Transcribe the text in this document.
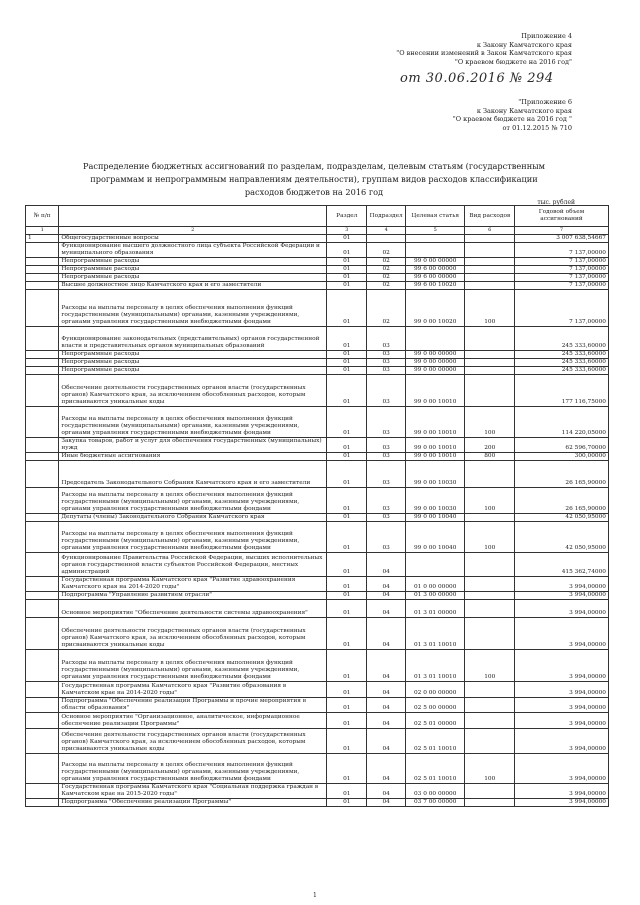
Приложение 4
к Закону Камчатского края
"О внесении изменений в Закон Камчатского края
"О краевом бюджете на 2016 год"
от 30.06.2016 № 294
"Приложение 6
к Закону Камчатского края
"О краевом бюджете на 2016 год "
от 01.12.2015 № 710
Распределение бюджетных ассигнований по разделам, подразделам, целевым статьям (государственным программам и непрограммным направлениям деятельности), группам видов расходов классификации расходов бюджетов на 2016 год
тыс. рублей
№ п/п		Раздел	Подраздел	Целевая статья	Вид расходов	Годовой объем ассигнований
1	2	3	4	5	6	7
1	Общегосударственные вопросы	01				3 007 638,54667
	Функционирование высшего должностного лица субъекта Российской Федерации и муниципального образования	01	02			7 137,00000
	Непрограммные расходы	01	02	99 0 00 00000		7 137,00000
	Непрограммные расходы	01	02	99 6 00 00000		7 137,00000
	Непрограммные расходы	01	02	99 6 00 00000		7 137,00000
	Высшее должностное лицо Камчатского края и его заместители	01	02	99 6 00 10020		7 137,00000
	Расходы на выплаты персоналу в целях обеспечения выполнения функций государственными (муниципальными) органами, казенными учреждениями, органами управления государственными внебюджетными фондами	01	02	99 0 00 10020	100	7 137,00000
	Функционирование законодательных (представительных) органов государственной власти и представительных органов муниципальных образований	01	03			245 333,60000
	Непрограммные расходы	01	03	99 0 00 00000		245 333,60000
	Непрограммные расходы	01	03	99 0 00 00000		245 333,60000
	Непрограммные расходы	01	03	99 0 00 00000		245 333,60000
	Обеспечение деятельности государственных органов власти (государственных органов) Камчатского края, за исключением обособленных расходов, которым присваиваются уникальные коды	01	03	99 0 00 10010		177 116,75000
	Расходы на выплаты персоналу в целях обеспечения выполнения функций государственными (муниципальными) органами, казенными учреждениями, органами управления государственными внебюджетными фондами	01	03	99 0 00 10010	100	114 220,05000
	Закупка товаров, работ и услуг для обеспечения государственных (муниципальных) нужд	01	03	99 0 00 10010	200	62 596,70000
	Иные бюджетные ассигнования	01	03	99 0 00 10010	800	300,00000
	Председатель Законодательного Собрания Камчатского края и его заместители	01	03	99 0 00 10030		26 165,90000
	Расходы на выплаты персоналу в целях обеспечения выполнения функций государственными (муниципальными) органами, казенными учреждениями, органами управления государственными внебюджетными фондами	01	03	99 0 00 10030	100	26 165,90000
	Депутаты (члены) Законодательного Собрания Камчатского края	01	03	99 0 00 10040		42 050,95000
	Расходы на выплаты персоналу в целях обеспечения выполнения функций государственными (муниципальными) органами, казенными учреждениями, органами управления государственными внебюджетными фондами	01	03	99 0 00 10040	100	42 050,95000
	Функционирование Правительства Российской Федерации, высших исполнительных органов государственной власти субъектов Российской Федерации, местных администраций	01	04			415 362,74000
	Государственная программа Камчатского края "Развитие здравоохранения Камчатского края на 2014-2020 годы"	01	04	01 0 00 00000		3 994,00000
	Подпрограмма "Управление развитием отрасли"	01	04	01 3 00 00000		3 994,00000
	Основное мероприятие "Обеспечение деятельности системы здравоохранения"	01	04	01 3 01 00000		3 994,00000
	Обеспечение деятельности государственных органов власти (государственных органов) Камчатского края, за исключением обособленных расходов, которым присваиваются уникальные коды	01	04	01 3 01 10010		3 994,00000
	Расходы на выплаты персоналу в целях обеспечения выполнения функций государственными (муниципальными) органами, казенными учреждениями, органами управления государственными внебюджетными фондами	01	04	01 3 01 10010	100	3 994,00000
	Государственная программа Камчатского края "Развитие образования в Камчатском крае на 2014-2020 годы"	01	04	02 0 00 00000		3 994,00000
	Подпрограмма "Обеспечение реализации Программы и прочие мероприятия в области образования"	01	04	02 5 00 00000		3 994,00000
	Основное мероприятие "Организационное, аналитическое, информационное обеспечение реализации Программы"	01	04	02 5 01 00000		3 994,00000
	Обеспечение деятельности государственных органов власти (государственных органов) Камчатского края, за исключением обособленных расходов, которым присваиваются уникальные коды	01	04	02 5 01 10010		3 994,00000
	Расходы на выплаты персоналу в целях обеспечения выполнения функций государственными (муниципальными) органами, казенными учреждениями, органами управления государственными внебюджетными фондами	01	04	02 5 01 10010	100	3 994,00000
	Государственная программа Камчатского края "Социальная поддержка граждан в Камчатском крае на 2015-2020 годы"	01	04	03 0 00 00000		3 994,00000
	Подпрограмма "Обеспечение реализации Программы"	01	04	03 7 00 00000		3 994,00000
1
